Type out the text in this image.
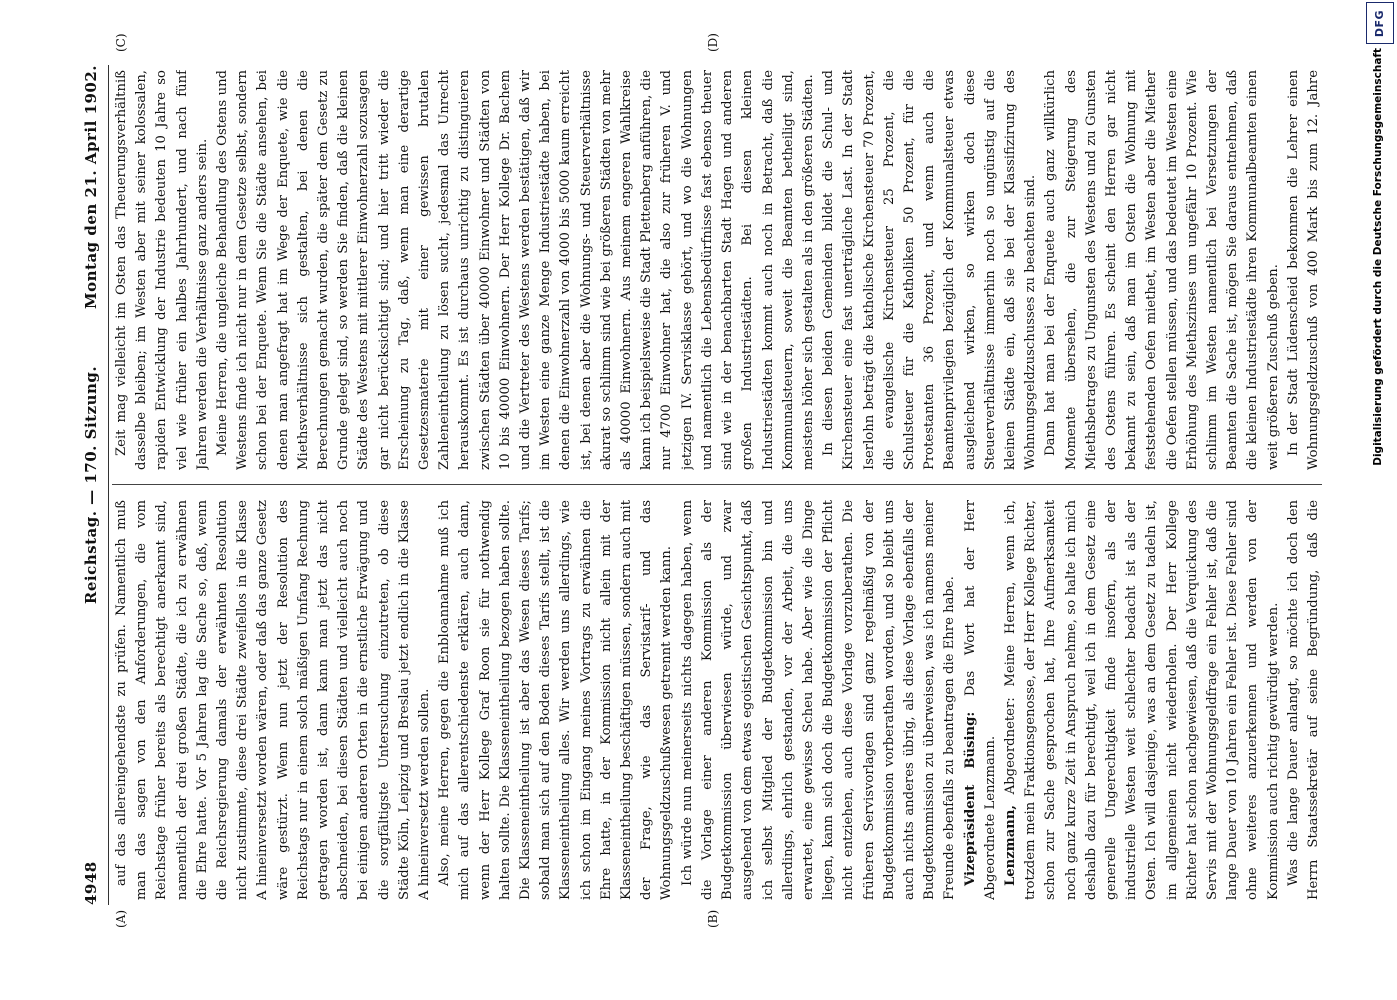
4948
Reichstag. — 170. Sitzung.
Montag den 21. April 1902.
(A)	(B)
(C)	(D)

auf das allereingehendste zu prüfen. Namentlich muß man das sagen von den Anforderungen, die vom Reichstage früher bereits als berechtigt anerkannt sind, namentlich der drei großen Städte, die ich zu erwähnen die Ehre hatte. Vor 5 Jahren lag die Sache so, daß, wenn die Reichsregierung damals der erwähnten Resolution nicht zustimmte, diese drei Städte zweifellos in die Klasse A hineinversetzt worden wären, oder daß das ganze Gesetz wäre gestürzt. Wenn nun jetzt der Resolution des Reichstags nur in einem solch mäßigen Umfang Rechnung getragen worden ist, dann kann man jetzt das nicht abschneiden, bei diesen Städten und vielleicht auch noch bei einigen anderen Orten in die ernstliche Erwägung und die sorgfältigste Untersuchung einzutreten, ob diese Städte Köln, Leipzig und Breslau jetzt endlich in die Klasse A hineinversetzt werden sollen. Also, meine Herren, gegen die Enbloannahme muß ich mich auf das allerentschiedenste erklären, auch dann, wenn der Herr Kollege Graf Roon sie für nothwendig halten sollte. Die Klasseneintheilung bezogen haben sollte. Die Klasseneintheilung ist aber das Wesen dieses Tarifs; sobald man sich auf den Boden dieses Tarifs stellt, ist die Klasseneintheilung alles. Wir werden uns allerdings, wie ich schon im Eingang meines Vortrags zu erwähnen die Ehre hatte, in der Kommission nicht allein mit der Klasseneintheilung beschäftigen müssen, sondern auch mit der Frage, wie das Servistarif- und das Wohnungsgeldzuschußwesen getrennt werden kann. Ich würde nun meinerseits nichts dagegen haben, wenn die Vorlage einer anderen Kommission als der Budgetkommission überwiesen würde, und zwar ausgehend von dem etwas egoistischen Gesichtspunkt, daß ich selbst Mitglied der Budgetkommission bin und allerdings, ehrlich gestanden, vor der Arbeit, die uns erwartet, eine gewisse Scheu habe. Aber wie die Dinge liegen, kann sich doch die Budgetkommission der Pflicht nicht entziehen, auch diese Vorlage vorzuberathen. Die früheren Servisvorlagen sind ganz regelmäßig von der Budgetkommission vorberathen worden, und so bleibt uns auch nichts anderes übrig, als diese Vorlage ebenfalls der Budgetkommission zu überweisen, was ich namens meiner Freunde ebenfalls zu beantragen die Ehre habe. Vizepräsident Büsing: Das Wort hat der Herr Abgeordnete Lenzmann. Lenzmann, Abgeordneter: Meine Herren, wenn ich, trotzdem mein Fraktionsgenosse, der Herr Kollege Richter, schon zur Sache gesprochen hat, Ihre Aufmerksamkeit noch ganz kurze Zeit in Anspruch nehme, so halte ich mich deshalb dazu für berechtigt, weil ich in dem Gesetz eine generelle Ungerechtigkeit finde insofern, als der industrielle Westen weit schlechter bedacht ist als der Osten. Ich will dasjenige, was an dem Gesetz zu tadeln ist, im allgemeinen nicht wiederholen. Der Herr Kollege Richter hat schon nachgewiesen, daß die Verquickung des Servis mit der Wohnungsgeldfrage ein Fehler ist, daß die lange Dauer von 10 Jahren ein Fehler ist. Diese Fehler sind ohne weiteres anzuerkennen und werden von der Kommission auch richtig gewürdigt werden. Was die lange Dauer anlangt, so möchte ich doch den Herrn Staatssekretär auf seine Begründung, daß die

Zeit mag vielleicht im Osten das Theuerungsverhältniß dasselbe bleiben; im Westen aber mit seiner kolossalen, rapiden Entwicklung der Industrie bedeuten 10 Jahre so viel wie früher ein halbes Jahrhundert, und nach fünf Jahren werden die Verhältnisse ganz anders sein. Meine Herren, die ungleiche Behandlung des Ostens und Westens finde ich nicht nur in dem Gesetze selbst, sondern schon bei der Enquete. Wenn Sie die Städte ansehen, bei denen man angefragt hat im Wege der Enquete, wie die Miethsverhältnisse sich gestalten, bei denen die Berechnungen gemacht wurden, die später dem Gesetz zu Grunde gelegt sind, so werden Sie finden, daß die kleinen Städte des Westens mit mittlerer Einwohnerzahl sozusagen gar nicht berücksichtigt sind; und hier tritt wieder die Erscheinung zu Tag, daß, wenn man eine derartige Gesetzesmaterie mit einer gewissen brutalen Zahleneintheilung zu lösen sucht, jedesmal das Unrecht herauskommt. Es ist durchaus unrichtig zu distinguieren zwischen Städten über 40000 Einwohner und Städten von 10 bis 40000 Einwohnern. Der Herr Kollege Dr. Bachem und die Vertreter des Westens werden bestätigen, daß wir im Westen eine ganze Menge Industriestädte haben, bei denen die Einwohnerzahl von 4000 bis 5000 kaum erreicht ist, bei denen aber die Wohnungs- und Steuerverhältnisse akurat so schlimm sind wie bei größeren Städten von mehr als 40000 Einwohnern. Aus meinem engeren Wahlkreise kann ich beispielsweise die Stadt Plettenberg anführen, die nur 4700 Einwohner hat, die also zur früheren V. und jetzigen IV. Servisklasse gehört, und wo die Wohnungen und namentlich die Lebensbedürfnisse fast ebenso theuer sind wie in der benachbarten Stadt Hagen und anderen großen Industriestädten. Bei diesen kleinen Industriestädten kommt auch noch in Betracht, daß die Kommunalsteuern, soweit die Beamten betheiligt sind, meistens höher sich gestalten als in den größeren Städten. In diesen beiden Gemeinden bildet die Schul- und Kirchensteuer eine fast unerträgliche Last. In der Stadt Iserlohn beträgt die katholische Kirchensteuer 70 Prozent, die evangelische Kirchensteuer 25 Prozent, die Schulsteuer für die Katholiken 50 Prozent, für die Protestanten 36 Prozent, und wenn auch die Beamtenprivilegien bezüglich der Kommunalsteuer etwas ausgleichend wirken, so wirken doch diese Steuerverhältnisse immerhin noch so ungünstig auf die kleinen Städte ein, daß sie bei der Klassifizirung des Wohnungsgeldzuschusses zu beachten sind. Dann hat man bei der Enquete auch ganz willkürlich Momente übersehen, die zur Steigerung des Miethsbetrages zu Ungunsten des Westens und zu Gunsten des Ostens führen. Es scheint den Herren gar nicht bekannt zu sein, daß man im Osten die Wohnung mit feststehenden Oefen miethet, im Westen aber die Miether die Oefen stellen müssen, und das bedeutet im Westen eine Erhöhung des Miethszinses um ungefähr 10 Prozent. Wie schlimm im Westen namentlich bei Versetzungen der Beamten die Sache ist, mögen Sie daraus entnehmen, daß die kleinen Industriestädte ihren Kommunalbeamten einen weit größeren Zuschuß geben. In der Stadt Lüdenscheid bekommen die Lehrer einen Wohnungsgeldzuschuß von 400 Mark bis zum 12. Jahre

DFG
Digitalisierung gefördert durch die Deutsche Forschungsgemeinschaft
